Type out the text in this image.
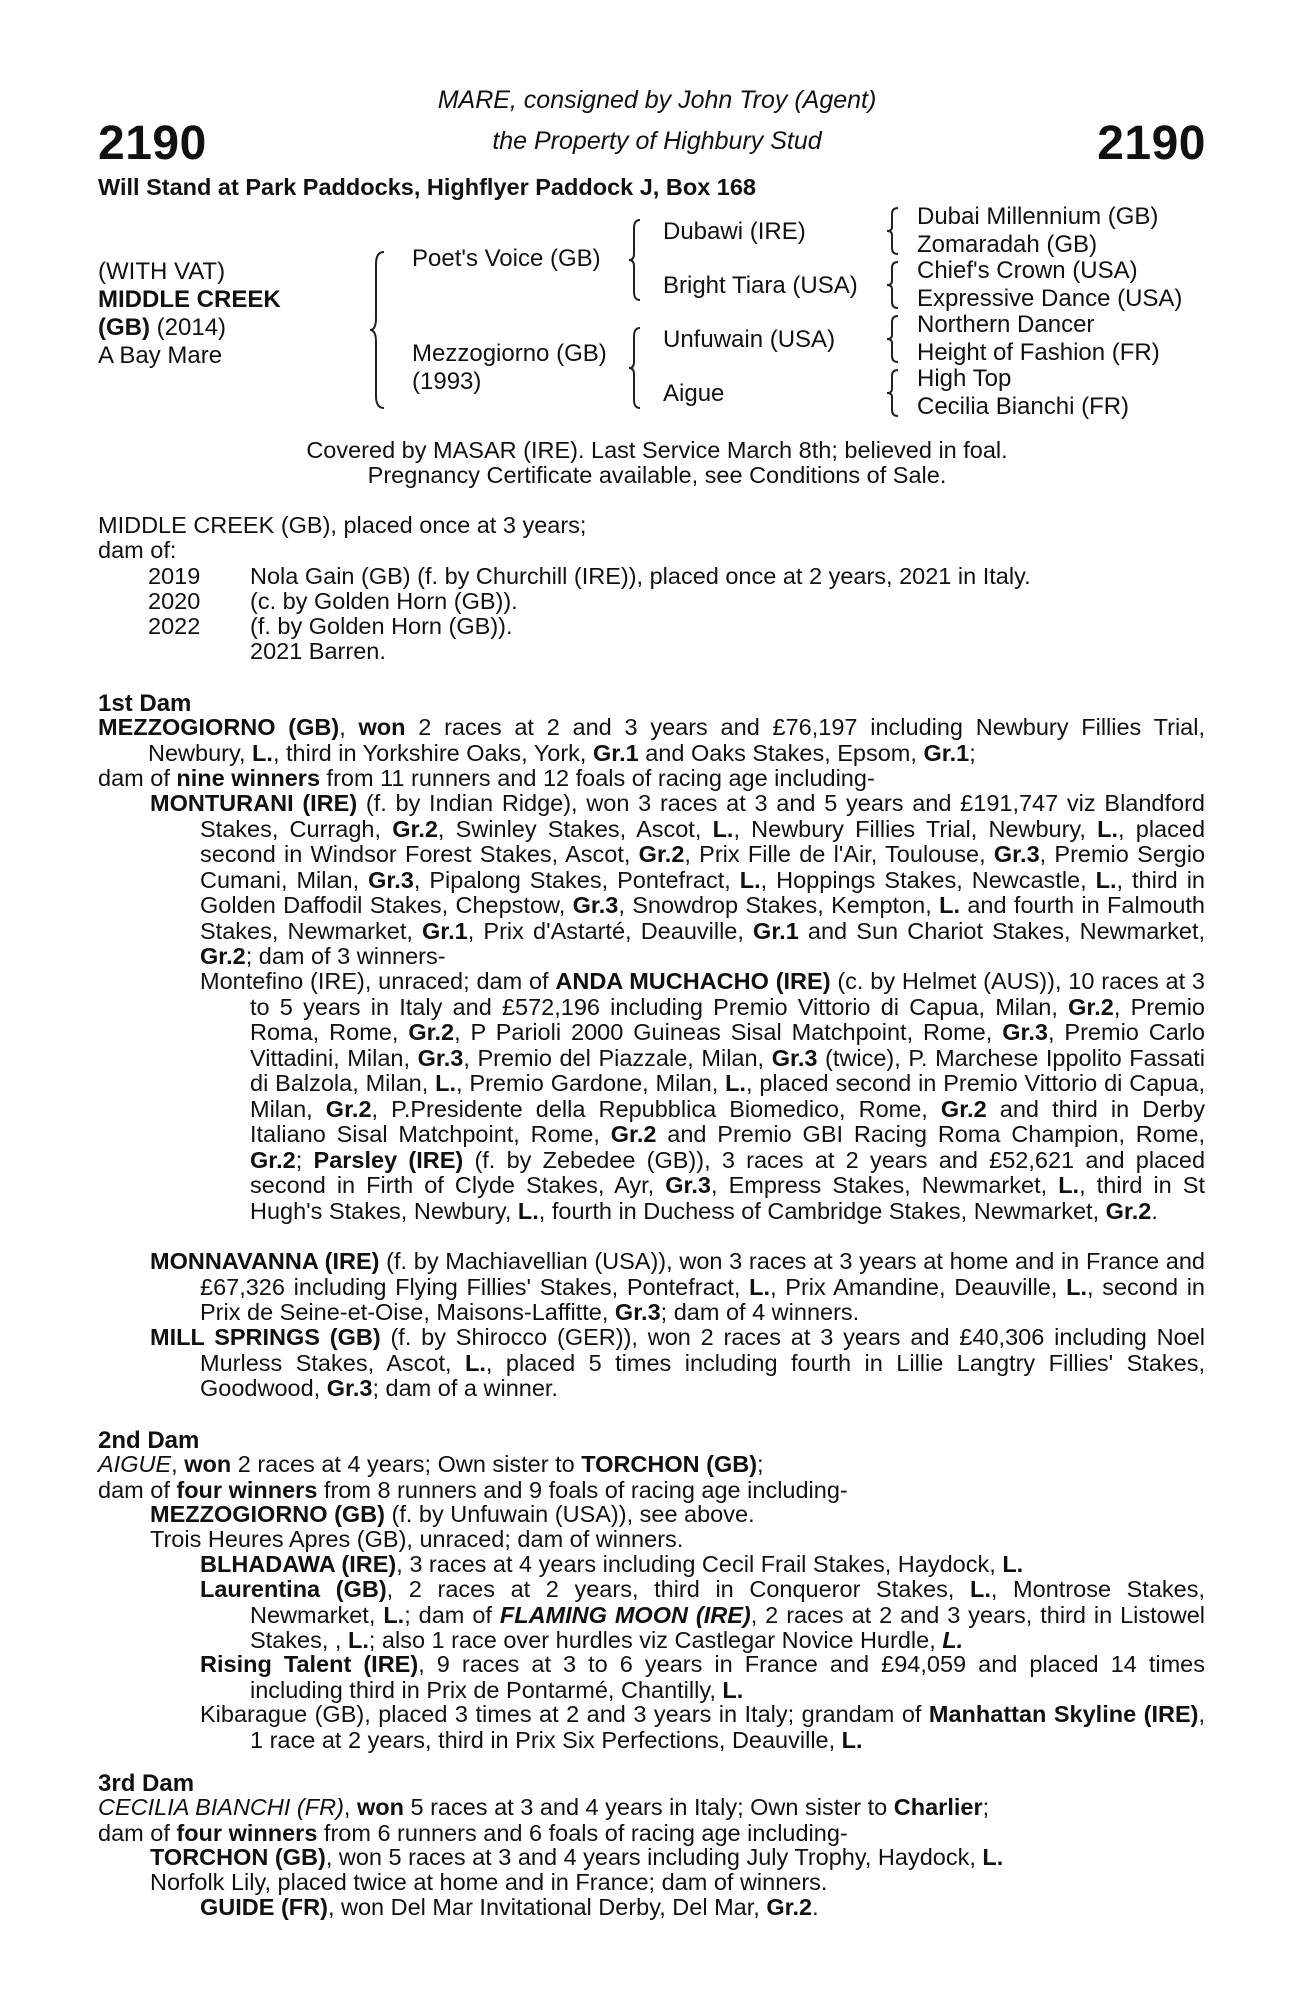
2190	2190
MARE, consigned by John Troy (Agent)
the Property of Highbury Stud
Will Stand at Park Paddocks, Highflyer Paddock J, Box 168
(WITH VAT)
MIDDLE CREEK
(GB) (2014)
A Bay Mare
Poet's Voice (GB)
Mezzogiorno (GB)
(1993)
Dubawi (IRE)
Bright Tiara (USA)
Unfuwain (USA)
Aigue
Dubai Millennium (GB)
Zomaradah (GB)
Chief's Crown (USA)
Expressive Dance (USA)
Northern Dancer
Height of Fashion (FR)
High Top
Cecilia Bianchi (FR)
Covered by MASAR (IRE). Last Service March 8th; believed in foal.
Pregnancy Certificate available, see Conditions of Sale.
MIDDLE CREEK (GB), placed once at 3 years;
dam of:
2019 Nola Gain (GB) (f. by Churchill (IRE)), placed once at 2 years, 2021 in Italy.
2020 (c. by Golden Horn (GB)).
2022 (f. by Golden Horn (GB)).
2021 Barren.
1st Dam
MEZZOGIORNO (GB), won 2 races at 2 and 3 years and £76,197 including Newbury Fillies Trial, Newbury, L., third in Yorkshire Oaks, York, Gr.1 and Oaks Stakes, Epsom, Gr.1;
dam of nine winners from 11 runners and 12 foals of racing age including-
MONTURANI (IRE) (f. by Indian Ridge), won 3 races at 3 and 5 years and £191,747 viz Blandford Stakes, Curragh, Gr.2, Swinley Stakes, Ascot, L., Newbury Fillies Trial, Newbury, L., placed second in Windsor Forest Stakes, Ascot, Gr.2, Prix Fille de l'Air, Toulouse, Gr.3, Premio Sergio Cumani, Milan, Gr.3, Pipalong Stakes, Pontefract, L., Hoppings Stakes, Newcastle, L., third in Golden Daffodil Stakes, Chepstow, Gr.3, Snowdrop Stakes, Kempton, L. and fourth in Falmouth Stakes, Newmarket, Gr.1, Prix d'Astarté, Deauville, Gr.1 and Sun Chariot Stakes, Newmarket, Gr.2; dam of 3 winners-
Montefino (IRE), unraced; dam of ANDA MUCHACHO (IRE) (c. by Helmet (AUS)), 10 races at 3 to 5 years in Italy and £572,196 including Premio Vittorio di Capua, Milan, Gr.2, Premio Roma, Rome, Gr.2, P Parioli 2000 Guineas Sisal Matchpoint, Rome, Gr.3, Premio Carlo Vittadini, Milan, Gr.3, Premio del Piazzale, Milan, Gr.3 (twice), P. Marchese Ippolito Fassati di Balzola, Milan, L., Premio Gardone, Milan, L., placed second in Premio Vittorio di Capua, Milan, Gr.2, P.Presidente della Repubblica Biomedico, Rome, Gr.2 and third in Derby Italiano Sisal Matchpoint, Rome, Gr.2 and Premio GBI Racing Roma Champion, Rome, Gr.2; Parsley (IRE) (f. by Zebedee (GB)), 3 races at 2 years and £52,621 and placed second in Firth of Clyde Stakes, Ayr, Gr.3, Empress Stakes, Newmarket, L., third in St Hugh's Stakes, Newbury, L., fourth in Duchess of Cambridge Stakes, Newmarket, Gr.2.
MONNAVANNA (IRE) (f. by Machiavellian (USA)), won 3 races at 3 years at home and in France and £67,326 including Flying Fillies' Stakes, Pontefract, L., Prix Amandine, Deauville, L., second in Prix de Seine-et-Oise, Maisons-Laffitte, Gr.3; dam of 4 winners.
MILL SPRINGS (GB) (f. by Shirocco (GER)), won 2 races at 3 years and £40,306 including Noel Murless Stakes, Ascot, L., placed 5 times including fourth in Lillie Langtry Fillies' Stakes, Goodwood, Gr.3; dam of a winner.
2nd Dam
AIGUE, won 2 races at 4 years; Own sister to TORCHON (GB);
dam of four winners from 8 runners and 9 foals of racing age including-
MEZZOGIORNO (GB) (f. by Unfuwain (USA)), see above.
Trois Heures Apres (GB), unraced; dam of winners.
BLHADAWA (IRE), 3 races at 4 years including Cecil Frail Stakes, Haydock, L.
Laurentina (GB), 2 races at 2 years, third in Conqueror Stakes, L., Montrose Stakes, Newmarket, L.; dam of FLAMING MOON (IRE), 2 races at 2 and 3 years, third in Listowel Stakes, , L.; also 1 race over hurdles viz Castlegar Novice Hurdle, L.
Rising Talent (IRE), 9 races at 3 to 6 years in France and £94,059 and placed 14 times including third in Prix de Pontarmé, Chantilly, L.
Kibarague (GB), placed 3 times at 2 and 3 years in Italy; grandam of Manhattan Skyline (IRE), 1 race at 2 years, third in Prix Six Perfections, Deauville, L.
3rd Dam
CECILIA BIANCHI (FR), won 5 races at 3 and 4 years in Italy; Own sister to Charlier;
dam of four winners from 6 runners and 6 foals of racing age including-
TORCHON (GB), won 5 races at 3 and 4 years including July Trophy, Haydock, L.
Norfolk Lily, placed twice at home and in France; dam of winners.
GUIDE (FR), won Del Mar Invitational Derby, Del Mar, Gr.2.
